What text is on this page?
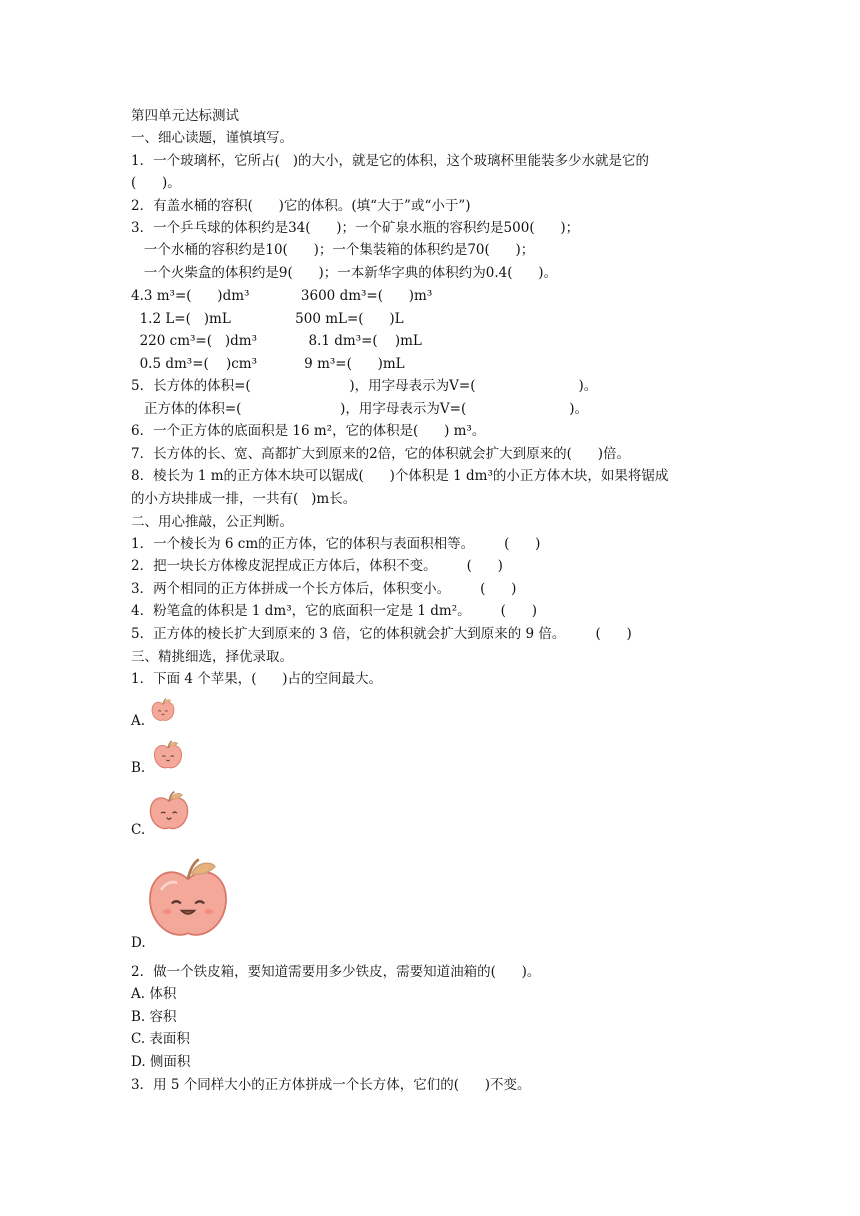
第四单元达标测试
一、细心读题，谨慎填写。
1．一个玻璃杯，它所占(   )的大小，就是它的体积，这个玻璃杯里能装多少水就是它的
(      )。
2．有盖水桶的容积(      )它的体积。(填“大于”或“小于”)
3．一个乒乓球的体积约是34(      )；一个矿泉水瓶的容积约是500(      )；
一个水桶的容积约是10(      )；一个集装箱的体积约是70(      )；
一个火柴盒的体积约是9(      )；一本新华字典的体积约为0.4(      )。
4.3 m³=(      )dm³            3600 dm³=(      )m³
1.2 L=(   )mL               500 mL=(      )L
220 cm³=(   )dm³            8.1 dm³=(    )mL
0.5 dm³=(    )cm³           9 m³=(      )mL
5．长方体的体积=(                       )，用字母表示为V=(                        )。
正方体的体积=(                       )，用字母表示为V=(                        )。
6．一个正方体的底面积是 16 m²，它的体积是(      ) m³。
7．长方体的长、宽、高都扩大到原来的2倍，它的体积就会扩大到原来的(      )倍。
8．棱长为 1 m的正方体木块可以锯成(      )个体积是 1 dm³的小正方体木块，如果将锯成
的小方块排成一排，一共有(   )m长。
二、用心推敲，公正判断。
1．一个棱长为 6 cm的正方体，它的体积与表面积相等。       (      )
2．把一块长方体橡皮泥捏成正方体后，体积不变。       (      )
3．两个相同的正方体拼成一个长方体后，体积变小。       (      )
4．粉笔盒的体积是 1 dm³，它的底面积一定是 1 dm²。       (      )
5．正方体的棱长扩大到原来的 3 倍，它的体积就会扩大到原来的 9 倍。       (      )
三、精挑细选，择优录取。
1．下面 4 个苹果，(      )占的空间最大。
A.
B.
C.
D.
2．做一个铁皮箱，要知道需要用多少铁皮，需要知道油箱的(      )。
A. 体积
B. 容积
C. 表面积
D. 侧面积
3．用 5 个同样大小的正方体拼成一个长方体，它们的(      )不变。
